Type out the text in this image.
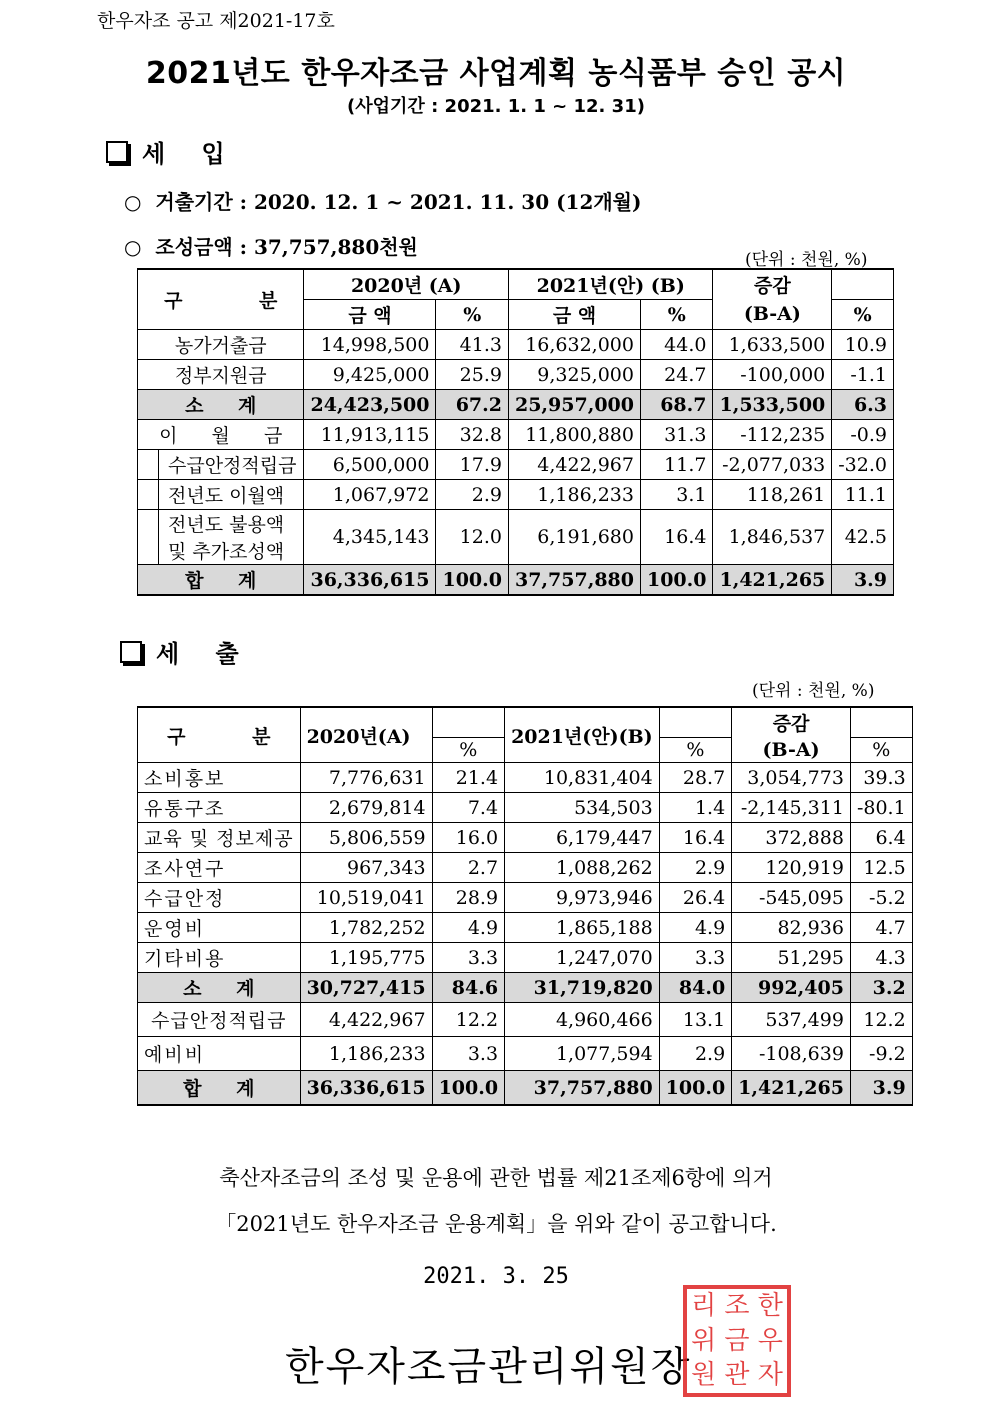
한우자조 공고 제2021-17호
2021년도 한우자조금 사업계획 농식품부 승인 공시
(사업기간 : 2021. 1. 1 ~ 12. 31)
세 입
○ 거출기간 : 2020. 12. 1 ~ 2021. 11. 30 (12개월)
○ 조성금액 : 37,757,880천원
(단위 : 천원, %)
구 분	2020년 (A)		2021년(안) (B)		증감	
	금 액	%	금 액	%	(B-A)	%
농가거출금	14,998,500	41.3	16,632,000	44.0	1,633,500	10.9
정부지원금	9,425,000	25.9	9,325,000	24.7	-100,000	-1.1
소 계	24,423,500	67.2	25,957,000	68.7	1,533,500	6.3
이 월 금	11,913,115	32.8	11,800,880	31.3	-112,235	-0.9
수급안정적립금	6,500,000	17.9	4,422,967	11.7	-2,077,033	-32.0
전년도 이월액	1,067,972	2.9	1,186,233	3.1	118,261	11.1

전년도 불용액
및 추가조성액	4,345,143	12.0	6,191,680	16.4	1,846,537	42.5
합 계	36,336,615	100.0	37,757,880	100.0	1,421,265	3.9
세 출
(단위 : 천원, %)
구 분	2020년(A)		2021년(안)(B)		증감	
		%		%	(B-A)	%
소비홍보	7,776,631	21.4	10,831,404	28.7	3,054,773	39.3
유통구조	2,679,814	7.4	534,503	1.4	-2,145,311	-80.1
교육 및 정보제공	5,806,559	16.0	6,179,447	16.4	372,888	6.4
조사연구	967,343	2.7	1,088,262	2.9	120,919	12.5
수급안정	10,519,041	28.9	9,973,946	26.4	-545,095	-5.2
운영비	1,782,252	4.9	1,865,188	4.9	82,936	4.7
기타비용	1,195,775	3.3	1,247,070	3.3	51,295	4.3
소 계	30,727,415	84.6	31,719,820	84.0	992,405	3.2
수급안정적립금	4,422,967	12.2	4,960,466	13.1	537,499	12.2
예비비	1,186,233	3.3	1,077,594	2.9	-108,639	-9.2
합 계	36,336,615	100.0	37,757,880	100.0	1,421,265	3.9
축산자조금의 조성 및 운용에 관한 법률 제21조제6항에 의거
「2021년도 한우자조금 운용계획」을 위와 같이 공고합니다.
2021. 3. 25
한우자조금관리위원장
리 조 한
위 금 우
원 관 자
